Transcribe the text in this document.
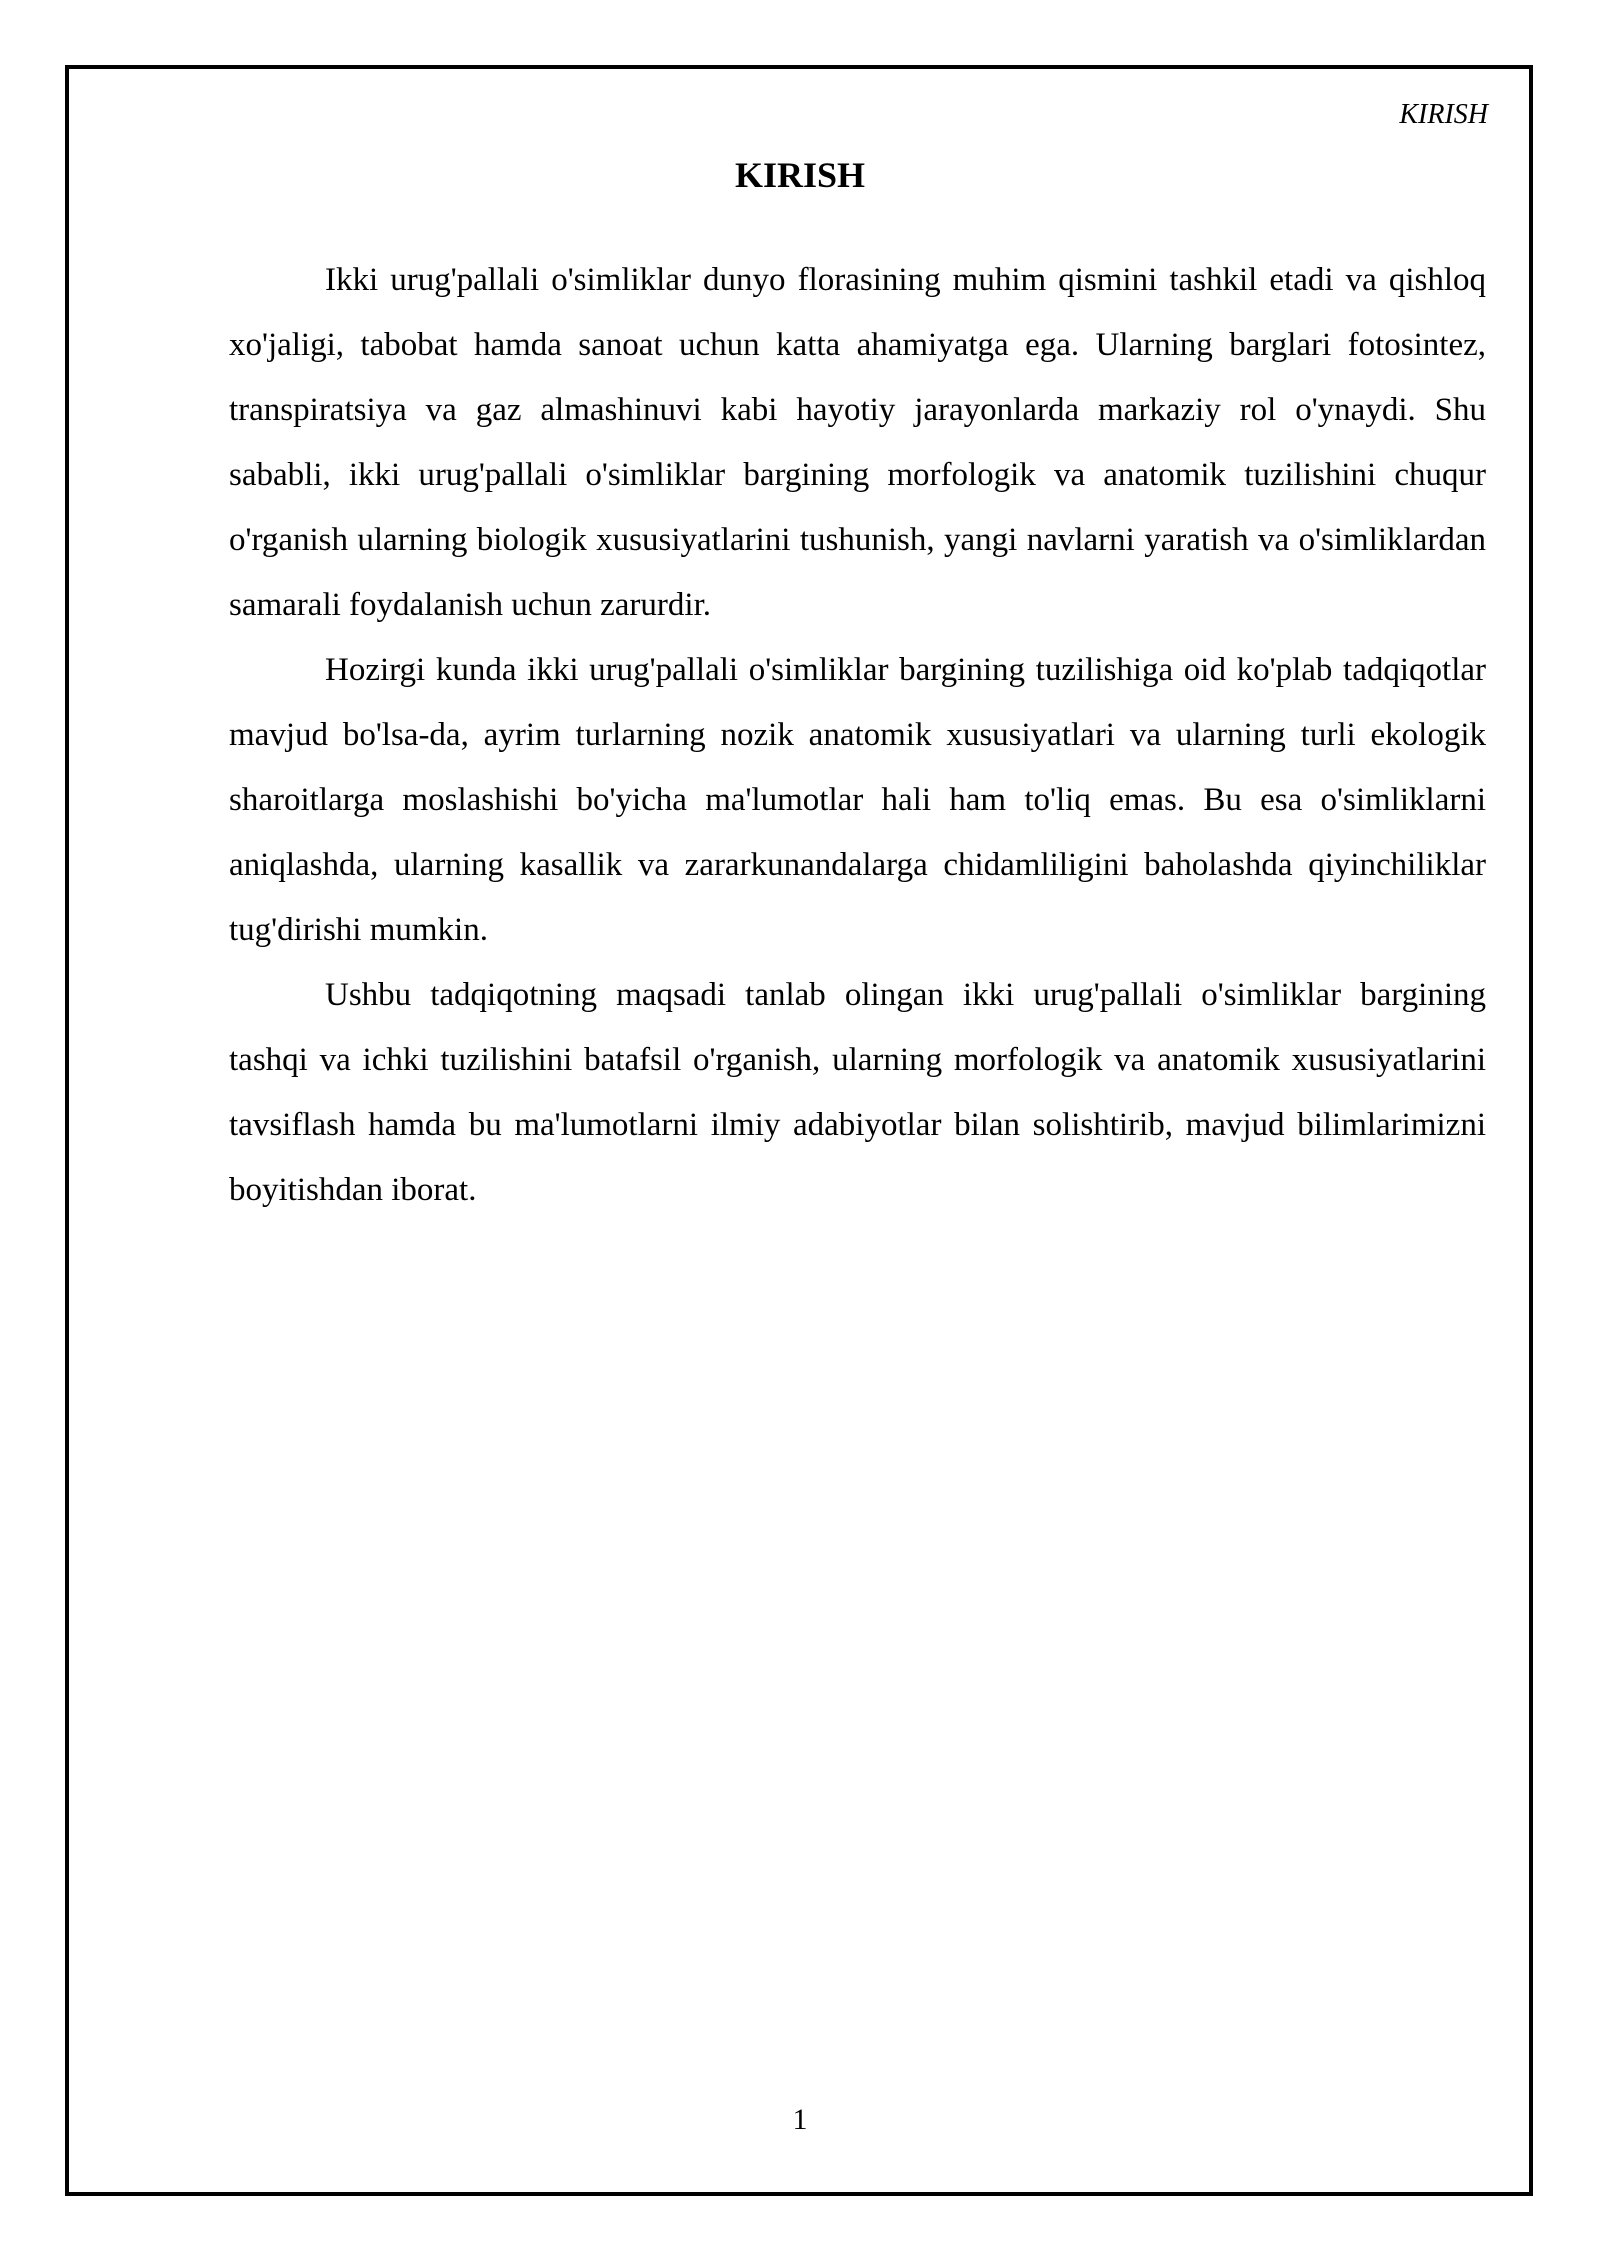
KIRISH
KIRISH

Ikki urug'pallali o'simliklar dunyo florasining muhim qismini tashkil etadi va qishloq xo'jaligi, tabobat hamda sanoat uchun katta ahamiyatga ega. Ularning barglari fotosintez, transpiratsiya va gaz almashinuvi kabi hayotiy jarayonlarda markaziy rol o'ynaydi. Shu sababli, ikki urug'pallali o'simliklar bargining morfologik va anatomik tuzilishini chuqur o'rganish ularning biologik xususiyatlarini tushunish, yangi navlarni yaratish va o'simliklardan samarali foydalanish uchun zarurdir.

Hozirgi kunda ikki urug'pallali o'simliklar bargining tuzilishiga oid ko'plab tadqiqotlar mavjud bo'lsa-da, ayrim turlarning nozik anatomik xususiyatlari va ularning turli ekologik sharoitlarga moslashishi bo'yicha ma'lumotlar hali ham to'liq emas. Bu esa o'simliklarni aniqlashda, ularning kasallik va zararkunandalarga chidamliligini baholashda qiyinchiliklar tug'dirishi mumkin.

Ushbu tadqiqotning maqsadi tanlab olingan ikki urug'pallali o'simliklar bargining tashqi va ichki tuzilishini batafsil o'rganish, ularning morfologik va anatomik xususiyatlarini tavsiflash hamda bu ma'lumotlarni ilmiy adabiyotlar bilan solishtirib, mavjud bilimlarimizni boyitishdan iborat.

1
